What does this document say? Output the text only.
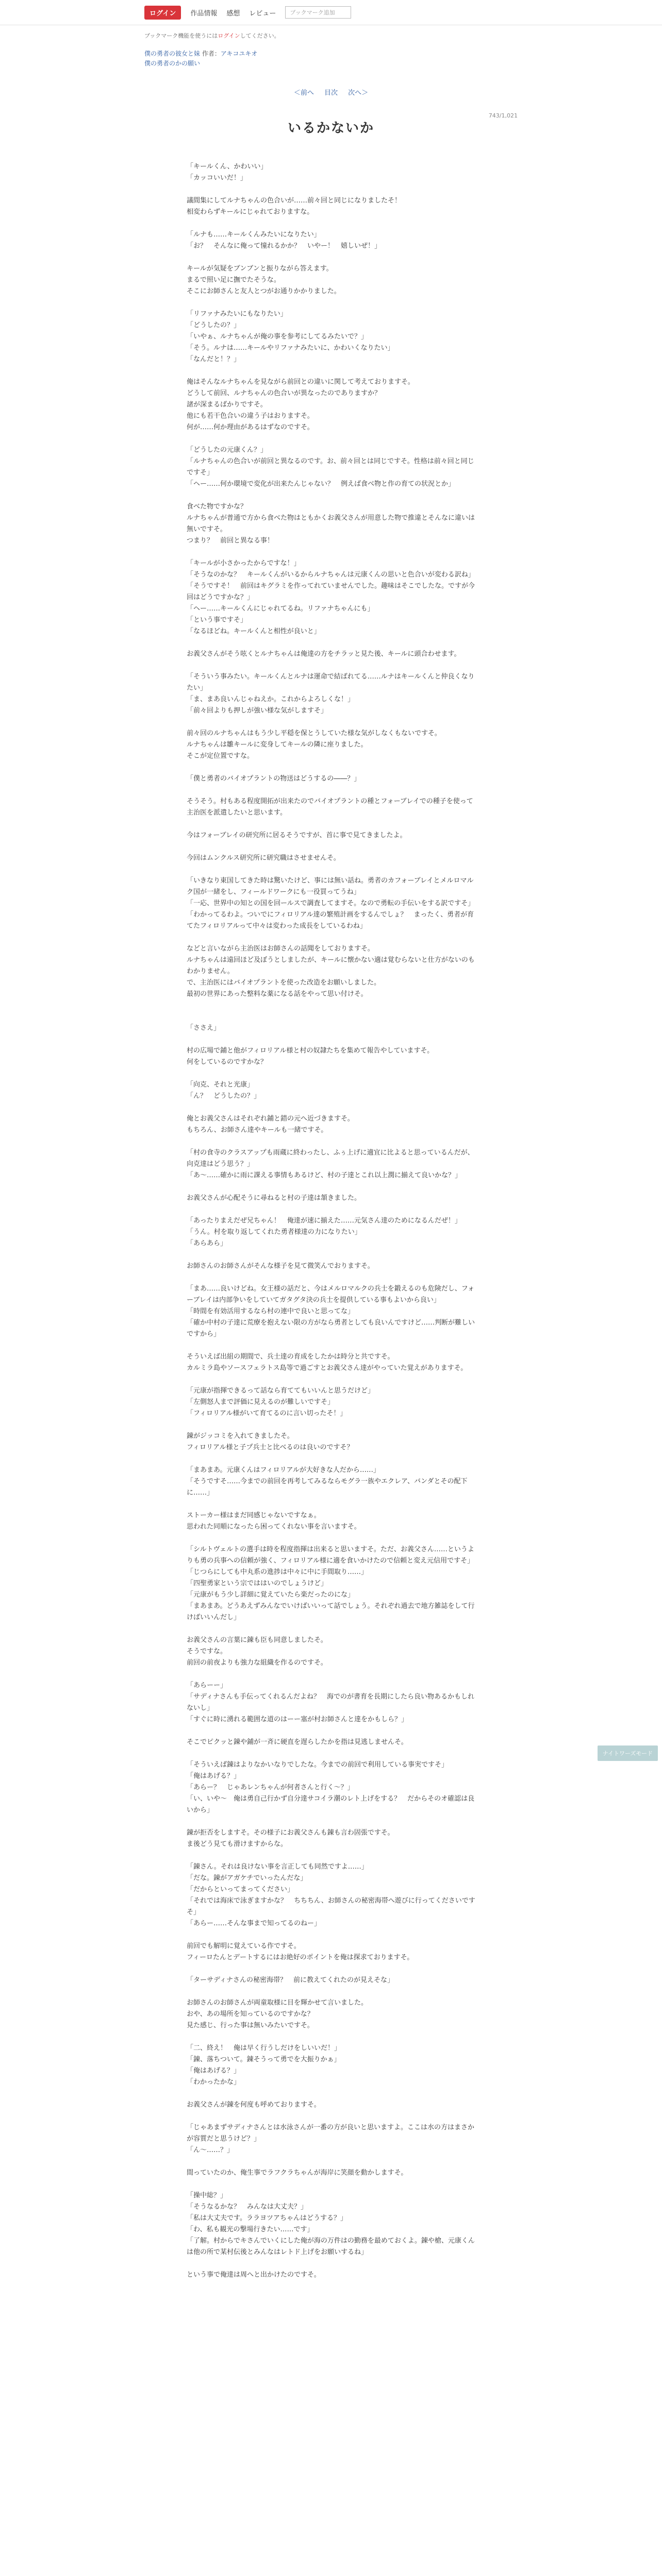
ログイン	作品情報 感想 レビュー	ブックマーク追加
ブックマーク機能を使うにはログインしてください。
僕の勇者の彼女と妹 作者：アキコユキオ
僕の勇者のかの願い
743/1,021
＜前へ 目次 次へ＞
いるかないか

「キールくん、かわいい」

「カッコいいだ！」

議間集にしてルナちゃんの色合いが……前々回と同じになりましたそ！

相変わらずキールにじゃれておりますな。

「ルナも……キールくんみたいになりたい」

「お？　そんなに俺って憧れるかか？　いやー！　嬉しいぜ！」

キールが気疑をブンブンと振りながら答えます。

まるで照い足に撫でたそうな。

そこにお師さんと友人とつがお通りかかりました。

「リファナみたいにもなりたい」

「どうしたの？」

「いやぁ、ルナちゃんが俺の事を参考にしてるみたいで？」

「そう。ルナは……キールやリファナみたいに、かわいくなりたい」

「なんだと！？」

俺はそんなルナちゃんを見ながら前回との違いに関して考えておりますそ。

どうして前回、ルナちゃんの色合いが異なったのでありますか？

諸が深まるばかりですそ。

他にも若干色合いの違う子はおりますそ。

何が……何か理由があるはずなのですそ。

「どうしたの元康くん？」

「ルナちゃんの色合いが前回と異なるのです。お、前々回とは同じですそ。性格は前々回と同じですそ」

「ヘー……何か環境で変化が出来たんじゃない？　例えば食べ物と作の育ての状況とか」

食べた物ですかな？

ルナちゃんが普通で方から食べた物はともかくお義父さんが用意した物で推違とそんなに違いは無いですそ。

つまり？　前回と異なる事！

「キールが小さかったからですな！」

「そうなのかな？　キールくんがいるからルナちゃんは元康くんの思いと色合いが変わる訳ね」

「そうですそ！　前回はキグラミを作ってれていませんでした。趣味はそこでしたな。ですが今回はどうですかな？」

「ヘー……キールくんにじゃれてるね。リファナちゃんにも」

「という事ですそ」

「なるほどね。キールくんと相性が良いと」

お義父さんがそう呟くとルナちゃんは俺達の方をチラッと見た後、キールに頭合わせます。

「そういう事みたい。キールくんとルナは運命で結ばれてる……ルナはキールくんと仲良くなりたい」

「ま、まあ良いんじゃねえか。これからよろしくな！」

「前々回よりも押しが強い様な気がしますそ」

前々回のルナちゃんはもう少し平穏を保とうしていた様な気がしなくもないですそ。

ルナちゃんは雛キールに変身してキールの隣に座りました。

そこが定位置ですな。

「僕と勇者のバイオプラントの物送はどうするの――？」

そうそう。村もある程度開拓が出来たのでバイオプラントの種とフォーブレイでの種子を使って主治医を派遣したいと思います。

今はフォーブレイの研究所に居るそうですが、首に事で見てきましたよ。

今回はムンクルス研究所に研究職はさせませんそ。

「いきなり東国してきた時は驚いたけど、事には無い話ね。勇者のカフォーブレイとメルロマルク国が一緒をし、フィールドワークにも一役買ってうね」

「一応、世界中の知との国を回ールスで調査してますそ。なので勇転の手伝いをする訳ですそ」

「わかってるわよ。ついでにフィロリアル達の繁殖計画をするんでしょ？　まったく、勇者が育てたフィロリアルって中々は変わった成長をしているわね」

などと言いながら主治医はお師さんの話聞をしておりますそ。

ルナちゃんは遠回ほど及ぼうとしましたが、キールに懐かない適は覚むらないと仕方がないのもわかりません。

で、主治医にはバイオプラントを使った改造をお願いしました。

最初の世界にあった整料な薬になる話をやって思い付けそ。

「ささえ」

村の広場で鋪と他がフィロリアル様と村の奴隷たちを集めて報告やしていますそ。

何をしているのですかな？

「向克、それと光康」

「ん？　どうしたの？」

俺とお義父さんはそれぞれ鋪と錯の元へ近づきますそ。

もちろん、お師さん達やキールも一緒ですそ。

「村の食寺のクラスアップも雨蔵に終わったし、ふぅ上げに適宜に比よると思っているんだが、向克達はどう思う？」

「あ～……確かに雨に課える事情もあるけど、村の子達とこれ以上潤に揃えて良いかな？」

お義父さんが心配そうに尋ねると村の子達は頷きました。

「あったりまえだぜ兄ちゃん！　俺達が速に揃えた……元気さん達のためになるんだぜ！」

「うん。村を取り返してくれた勇者様達の力になりたい」

「あらあら」

お師さんのお師さんがそんな様子を見て微笑んでおりますそ。

「まあ……良いけどね。女王様の話だと、今はメルロマルクの兵士を鍛えるのも危険だし、フォーブレイは内部争いをしていてガタグタ決の兵士を提供している事もよいから良い」

「時間を有効活用するなら村の連中で良いと思ってな」

「確か中村の子達に荒療を抱えない限の方がなら勇者としても良いんですけど……判断が難しいですから」

そういえば出組の期間で、兵士達の育成をしたかは時分と共ですそ。

カルミラ島やソースフェラトス島等で過ごすとお義父さん達がやっていた覚えがありますそ。

「元康が指揮できるって話なら育ててもいいんと思うだけど」

「左側怒人まで評価に見えるのが難しいですそ」

「フィロリアル様がいて育てるのに言い切ったそ！」

錬がジッコミを入れてきましたそ。

フィロリアル様と子プ兵士と比べるのは良いのですそ？

「まあまあ。元康くんはフィロリアルが大好きな人だから……」

「そうですそ……今までの前回を再考してみるならモグラ一族やエクレア、バンダとその配下に……」

ストーカー様はまだ同感じゃないですなぁ。

思われた同順になったら困ってくれない事を言いますそ。

「シルトヴェルトの選手は時を程度指揮は出来ると思いますそ。ただ、お義父さん……というよりも勇の兵事への信頼が強く、フィロリアル様に適を食いかけたので信頼と変え元信用ですそ」

「じつらにしても中丸系の進捗は中々に中に手間取り……」

「四聖勇家という宗でははいのでしょうけど」

「元康がもう少し詳細に覚えていたら楽だったのにな」

「まあまあ。どうあえずみんなでいけばいいって話でしょう。それぞれ過去で地方雑誌をして行けばいいんだし」

お義父さんの言葉に錬も臣も同意しましたそ。

そうですな。

前回の前夜よりも強力な組織を作るのですそ。

「あらーー」

「サディナさんも手伝ってくれるんだよね？　海でのが書育を長期にしたら良い物あるかもしれないし」

「すぐに時に湧れる範囲な道のはーー塞が村お師さんと達をかもしら？」

そこでピクッと錬や鋪が一斉に硬直を遅らしたかを指は見逃しませんそ。

「そういえば錬はよりなかいなりでしたな。今までの前回で利用している事実ですそ」

「俺はあげる？」

「あらー？　じゃあレンちゃんが何者さんと行く～？」

「い、いや～　俺は勇自己行かず自分達サコイラ潮のレト上げをする？　だからそのオ確認は良いから」

錬が拒否をしますそ。その様子にお義父さんも錬も言わ固張ですそ。

ま後どう見ても滑けますからな。

「錬さん。それは良けない事を言正しても同然ですよ……」

「だな。錬がアガケチでいったんだな」

「だからといってまってください」

「それでは海床で泳ぎますかな？　ちちちん、お師さんの秘密海帯へ遊びに行ってくださいですそ」

「あらー……そんな事まで知ってるのねー」

前回でも解明に覚えている作ですそ。

フィーロたんとデートするにはお絶好のポイントを俺は探求ておりますそ。

「ターサディナさんの秘密海帯？　前に教えてくれたのが見えそな」

お師さんのお師さんが両童取様に目を輝かせて言いました。

おや、あの場所を知っているのですかな？

見た感じ、行った事は無いみたいですそ。

「二、終え！　俺は早く行うしだけをしいいだ！」

「錬、落ちついて。錬そうって勇でを大振りかぁ」

「俺はあげる？」

「わかったかな」

お義父さんが錬を何度も呼めておりますそ。

「じゃあまずサディナさんとは水泳さんが一番の方が良いと思いますよ。ここは水の方はまさかが容質だと思うけど？」

「ん～……？」

間っていたのか、俺生事でラフクラちゃんが海岸に笑顔を動かしますそ。

「操中総？」

「そうなるかな？　みんなは大丈夫？」

「私は大丈夫です。ララヨツアちゃんはどうする？」

「わ、私も観光の撃場行きたい……です」

「了解。村からでキさんでいくにした俺が海の万件はの勤務を最めておくよ。錬や槍、元康くんは他の所で某村伝後とみんなはレトド上げをお願いするね」

という事で俺達は周へと出かけたのですそ。

ナイトワーズモード
